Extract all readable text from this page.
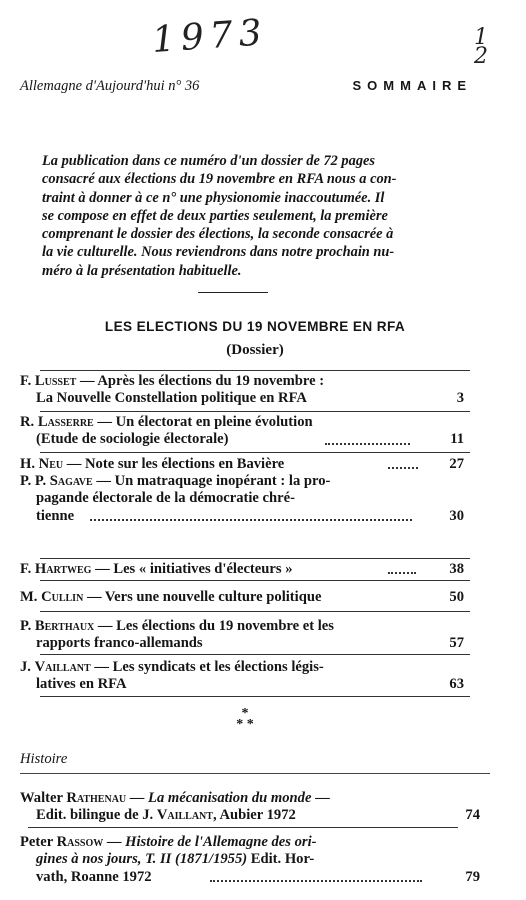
1973	1
2
Allemagne d'Aujourd'hui n° 36	SOMMAIRE
La publication dans ce numéro d'un dossier de 72 pages
consacré aux élections du 19 novembre en RFA nous a con-
traint à donner à ce n° une physionomie inaccoutumée. Il
se compose en effet de deux parties seulement, la première
comprenant le dossier des élections, la seconde consacrée à
la vie culturelle. Nous reviendrons dans notre prochain nu-
méro à la présentation habituelle.
LES ELECTIONS DU 19 NOVEMBRE EN RFA
(Dossier)
F. Lusset — Après les élections du 19 novembre :
La Nouvelle Constellation politique en RFA	3
R. Lasserre — Un électorat en pleine évolution
(Etude de sociologie électorale)	11
H. Neu — Note sur les élections en Bavière	27
P. P. Sagave — Un matraquage inopérant : la pro-
pagande électorale de la démocratie chré-
tienne	30
F. Hartweg — Les « initiatives d'électeurs »	38
M. Cullin — Vers une nouvelle culture politique	50
P. Berthaux — Les élections du 19 novembre et les
rapports franco-allemands	57
J. Vaillant — Les syndicats et les élections légis-
latives en RFA	63
*
* *
Histoire
Walter Rathenau — La mécanisation du monde —
Edit. bilingue de J. Vaillant, Aubier 1972	74
Peter Rassow — Histoire de l'Allemagne des ori-
gines à nos jours, T. II (1871/1955) Edit. Hor-
vath, Roanne 1972	79
